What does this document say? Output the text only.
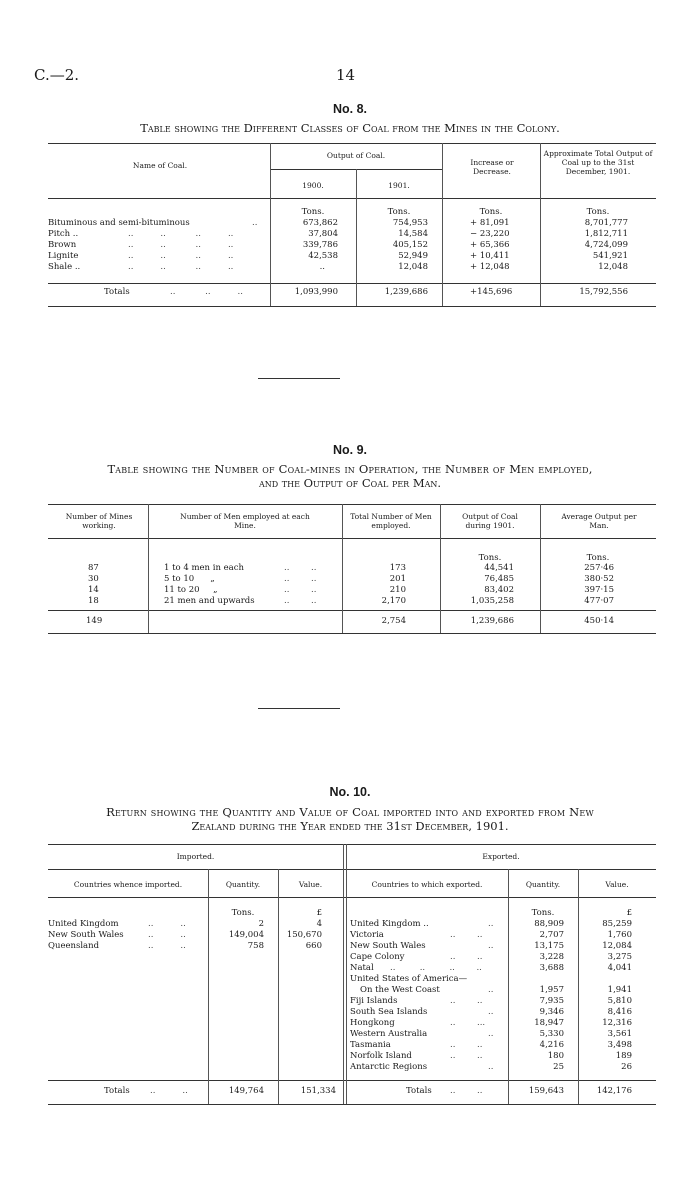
C.—2.	14
No. 8.
Table showing the Different Classes of Coal from the Mines in the Colony.
Name of Coal.
Output of Coal.
1900.	1901.
Increase or Decrease.
Approximate Total Output of Coal up to the 31st December, 1901.
Tons.	Tons.	Tons.	Tons.
Bituminous and semi-bituminous	..	673,862	754,953	+ 81,091	8,701,777
Pitch ..	..          ..           ..          ..	37,804	14,584	− 23,220	1,812,711
Brown	..          ..           ..          ..	339,786	405,152	+ 65,366	4,724,099
Lignite	..          ..           ..          ..	42,538	52,949	+ 10,411	541,921
Shale ..	..          ..           ..          ..	..	12,048	+ 12,048	12,048
Totals	..           ..          ..	1,093,990	1,239,686	+145,696	15,792,556
No. 9.
Table showing the Number of Coal-mines in Operation, the Number of Men employed,
and the Output of Coal per Man.
Number of Mines working.
Number of Men employed at each Mine.
Total Number of Men employed.
Output of Coal during 1901.
Average Output per Man.
Tons.	Tons.
87	1 to 4 men in each	..        ..	173	44,541	257·46
30	5 to 10      „	..        ..	201	76,485	380·52
14	11 to 20     „	..        ..	210	83,402	397·15
18	21 men and upwards	..        ..	2,170	1,035,258	477·07
149	2,754	1,239,686	450·14
No. 10.
Return showing the Quantity and Value of Coal imported into and exported from New
Zealand during the Year ended the 31st December, 1901.
Imported.	Exported.
Countries whence imported.	Quantity.	Value.	Countries to which exported.	Quantity.	Value.
Tons.	£	Tons.	£
United Kingdom	..          ..	2	4
New South Wales	..          ..	149,004	150,670
Queensland	..          ..	758	660
United Kingdom ..	..	88,909	85,259
Victoria	..        ..	2,707	1,760
New South Wales	..	13,175	12,084
Cape Colony	..        ..	3,228	3,275
Natal ..         ..         ..        ..	3,688	4,041
United States of America—
On the West Coast	..	1,957	1,941
Fiji Islands	..        ..	7,935	5,810
South Sea Islands	..	9,346	8,416
Hongkong	..        ...	18,947	12,316
Western Australia	..	5,330	3,561
Tasmania	..        ..	4,216	3,498
Norfolk Island	..        ..	180	189
Antarctic Regions	..	25	26
Totals ..          ..	149,764	151,334	Totals ..        ..	159,643	142,176
